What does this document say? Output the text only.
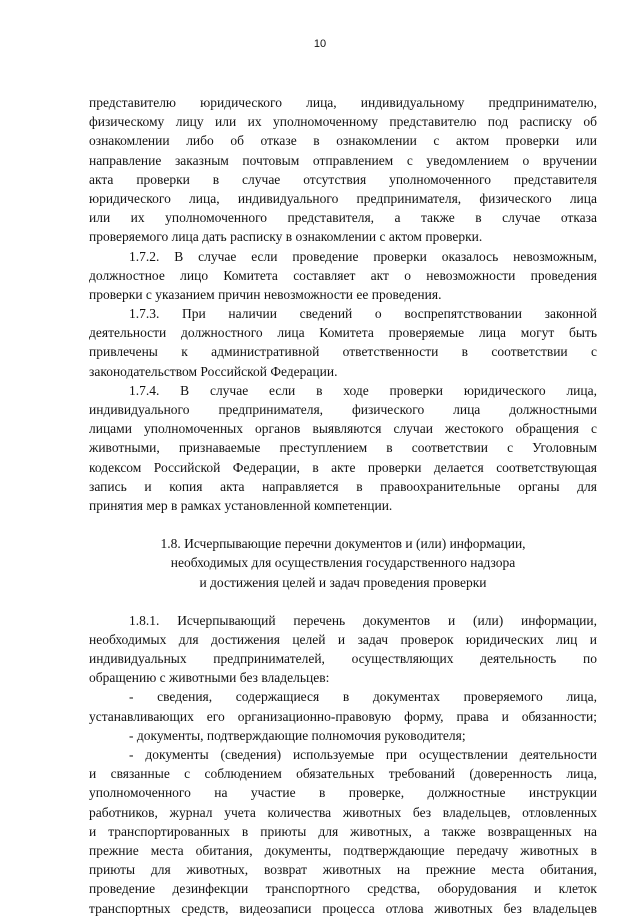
10
представителю юридического лица, индивидуальному предпринимателю,
физическому лицу или их уполномоченному представителю под расписку об
ознакомлении либо об отказе в ознакомлении с актом проверки или
направление заказным почтовым отправлением с уведомлением о вручении
акта проверки в случае отсутствия уполномоченного представителя
юридического лица, индивидуального предпринимателя, физического лица
или их уполномоченного представителя, а также в случае отказа
проверяемого лица дать расписку в ознакомлении с актом проверки.
1.7.2. В случае если проведение проверки оказалось невозможным,
должностное лицо Комитета составляет акт о невозможности проведения
проверки с указанием причин невозможности ее проведения.
1.7.3. При наличии сведений о воспрепятствовании законной
деятельности должностного лица Комитета проверяемые лица могут быть
привлечены к административной ответственности в соответствии с
законодательством Российской Федерации.
1.7.4. В случае если в ходе проверки юридического лица,
индивидуального предпринимателя, физического лица должностными
лицами уполномоченных органов выявляются случаи жестокого обращения с
животными, признаваемые преступлением в соответствии с Уголовным
кодексом Российской Федерации, в акте проверки делается соответствующая
запись и копия акта направляется в правоохранительные органы для
принятия мер в рамках установленной компетенции.
1.8. Исчерпывающие перечни документов и (или) информации,
необходимых для осуществления государственного надзора
и достижения целей и задач проведения проверки
1.8.1. Исчерпывающий перечень документов и (или) информации,
необходимых для достижения целей и задач проверок юридических лиц и
индивидуальных предпринимателей, осуществляющих деятельность по
обращению с животными без владельцев:
- сведения, содержащиеся в документах проверяемого лица,
устанавливающих его организационно-правовую форму, права и обязанности;
- документы, подтверждающие полномочия руководителя;
- документы (сведения) используемые при осуществлении деятельности
и связанные с соблюдением обязательных требований (доверенность лица,
уполномоченного на участие в проверке, должностные инструкции
работников, журнал учета количества животных без владельцев, отловленных
и транспортированных в приюты для животных, а также возвращенных на
прежние места обитания, документы, подтверждающие передачу животных в
приюты для животных, возврат животных на прежние места обитания,
проведение дезинфекции транспортного средства, оборудования и клеток
транспортных средств, видеозаписи процесса отлова животных без владельцев
